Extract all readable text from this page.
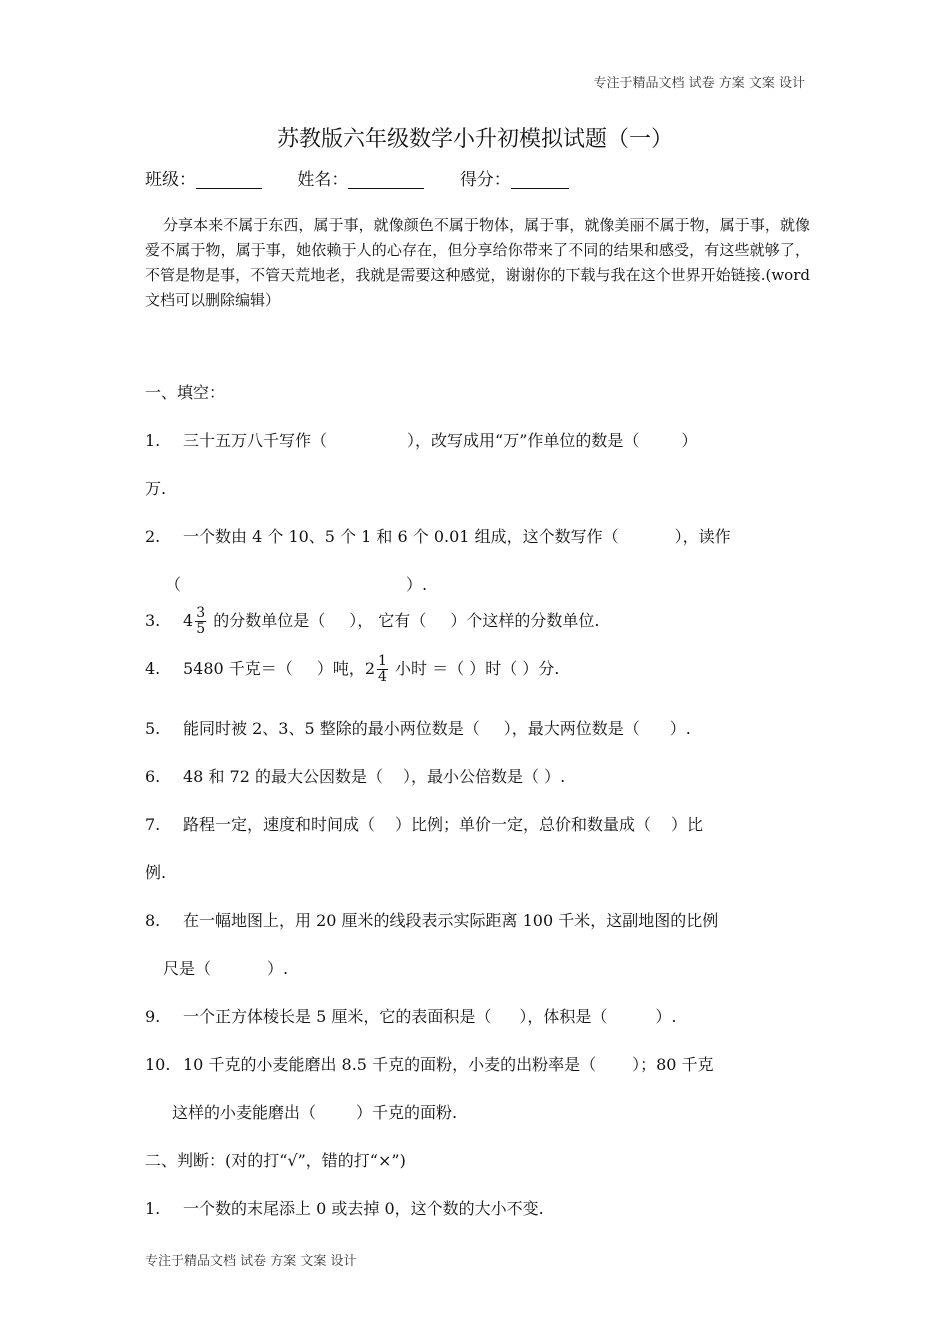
专注于精品文档 试卷 方案 文案 设计
苏教版六年级数学小升初模拟试题（一）
班级：	姓名：	得分：

分享本来不属于东西，属于事，就像颜色不属于物体，属于事，就像美丽不属于物，属于事，就像爱不属于物，属于事，她依赖于人的心存在，但分享给你带来了不同的结果和感受，有这些就够了，不管是物是事，不管天荒地老，我就是需要这种感觉，谢谢你的下载与我在这个世界开始链接.(word 文档可以删除编辑）

一、填空：
1. 三十五万八千写作（	），改写成用“万”作单位的数是（	）
万.
2. 一个数由 4 个 10、5 个 1 和 6 个 0.01 组成，这个数写作（	），读作
（	）.
3. $4 \frac{3}{5}$ 的分数单位是（ ）， 它有（ ）个这样的分数单位.
4. 5480 千克＝（ ）吨，$2 \frac{1}{4}$ 小时 ＝（ ）时（ ）分.
5. 能同时被 2、3、5 整除的最小两位数是（ ），最大两位数是（ ）.
6. 48 和 72 的最大公因数是（ ），最小公倍数是（ ）.
7. 路程一定，速度和时间成（ ）比例；单价一定，总价和数量成（ ）比
例.
8. 在一幅地图上，用 20 厘米的线段表示实际距离 100 千米，这副地图的比例
尺是（	）.
9. 一个正方体棱长是 5 厘米，它的表面积是（ ），体积是（	）.
10. 10 千克的小麦能磨出 8.5 千克的面粉，小麦的出粉率是（ ）；80 千克
这样的小麦能磨出（	）千克的面粉.
二、判断：(对的打“√”，错的打“×”)
1. 一个数的末尾添上 0 或去掉 0，这个数的大小不变.
专注于精品文档 试卷 方案 文案 设计
